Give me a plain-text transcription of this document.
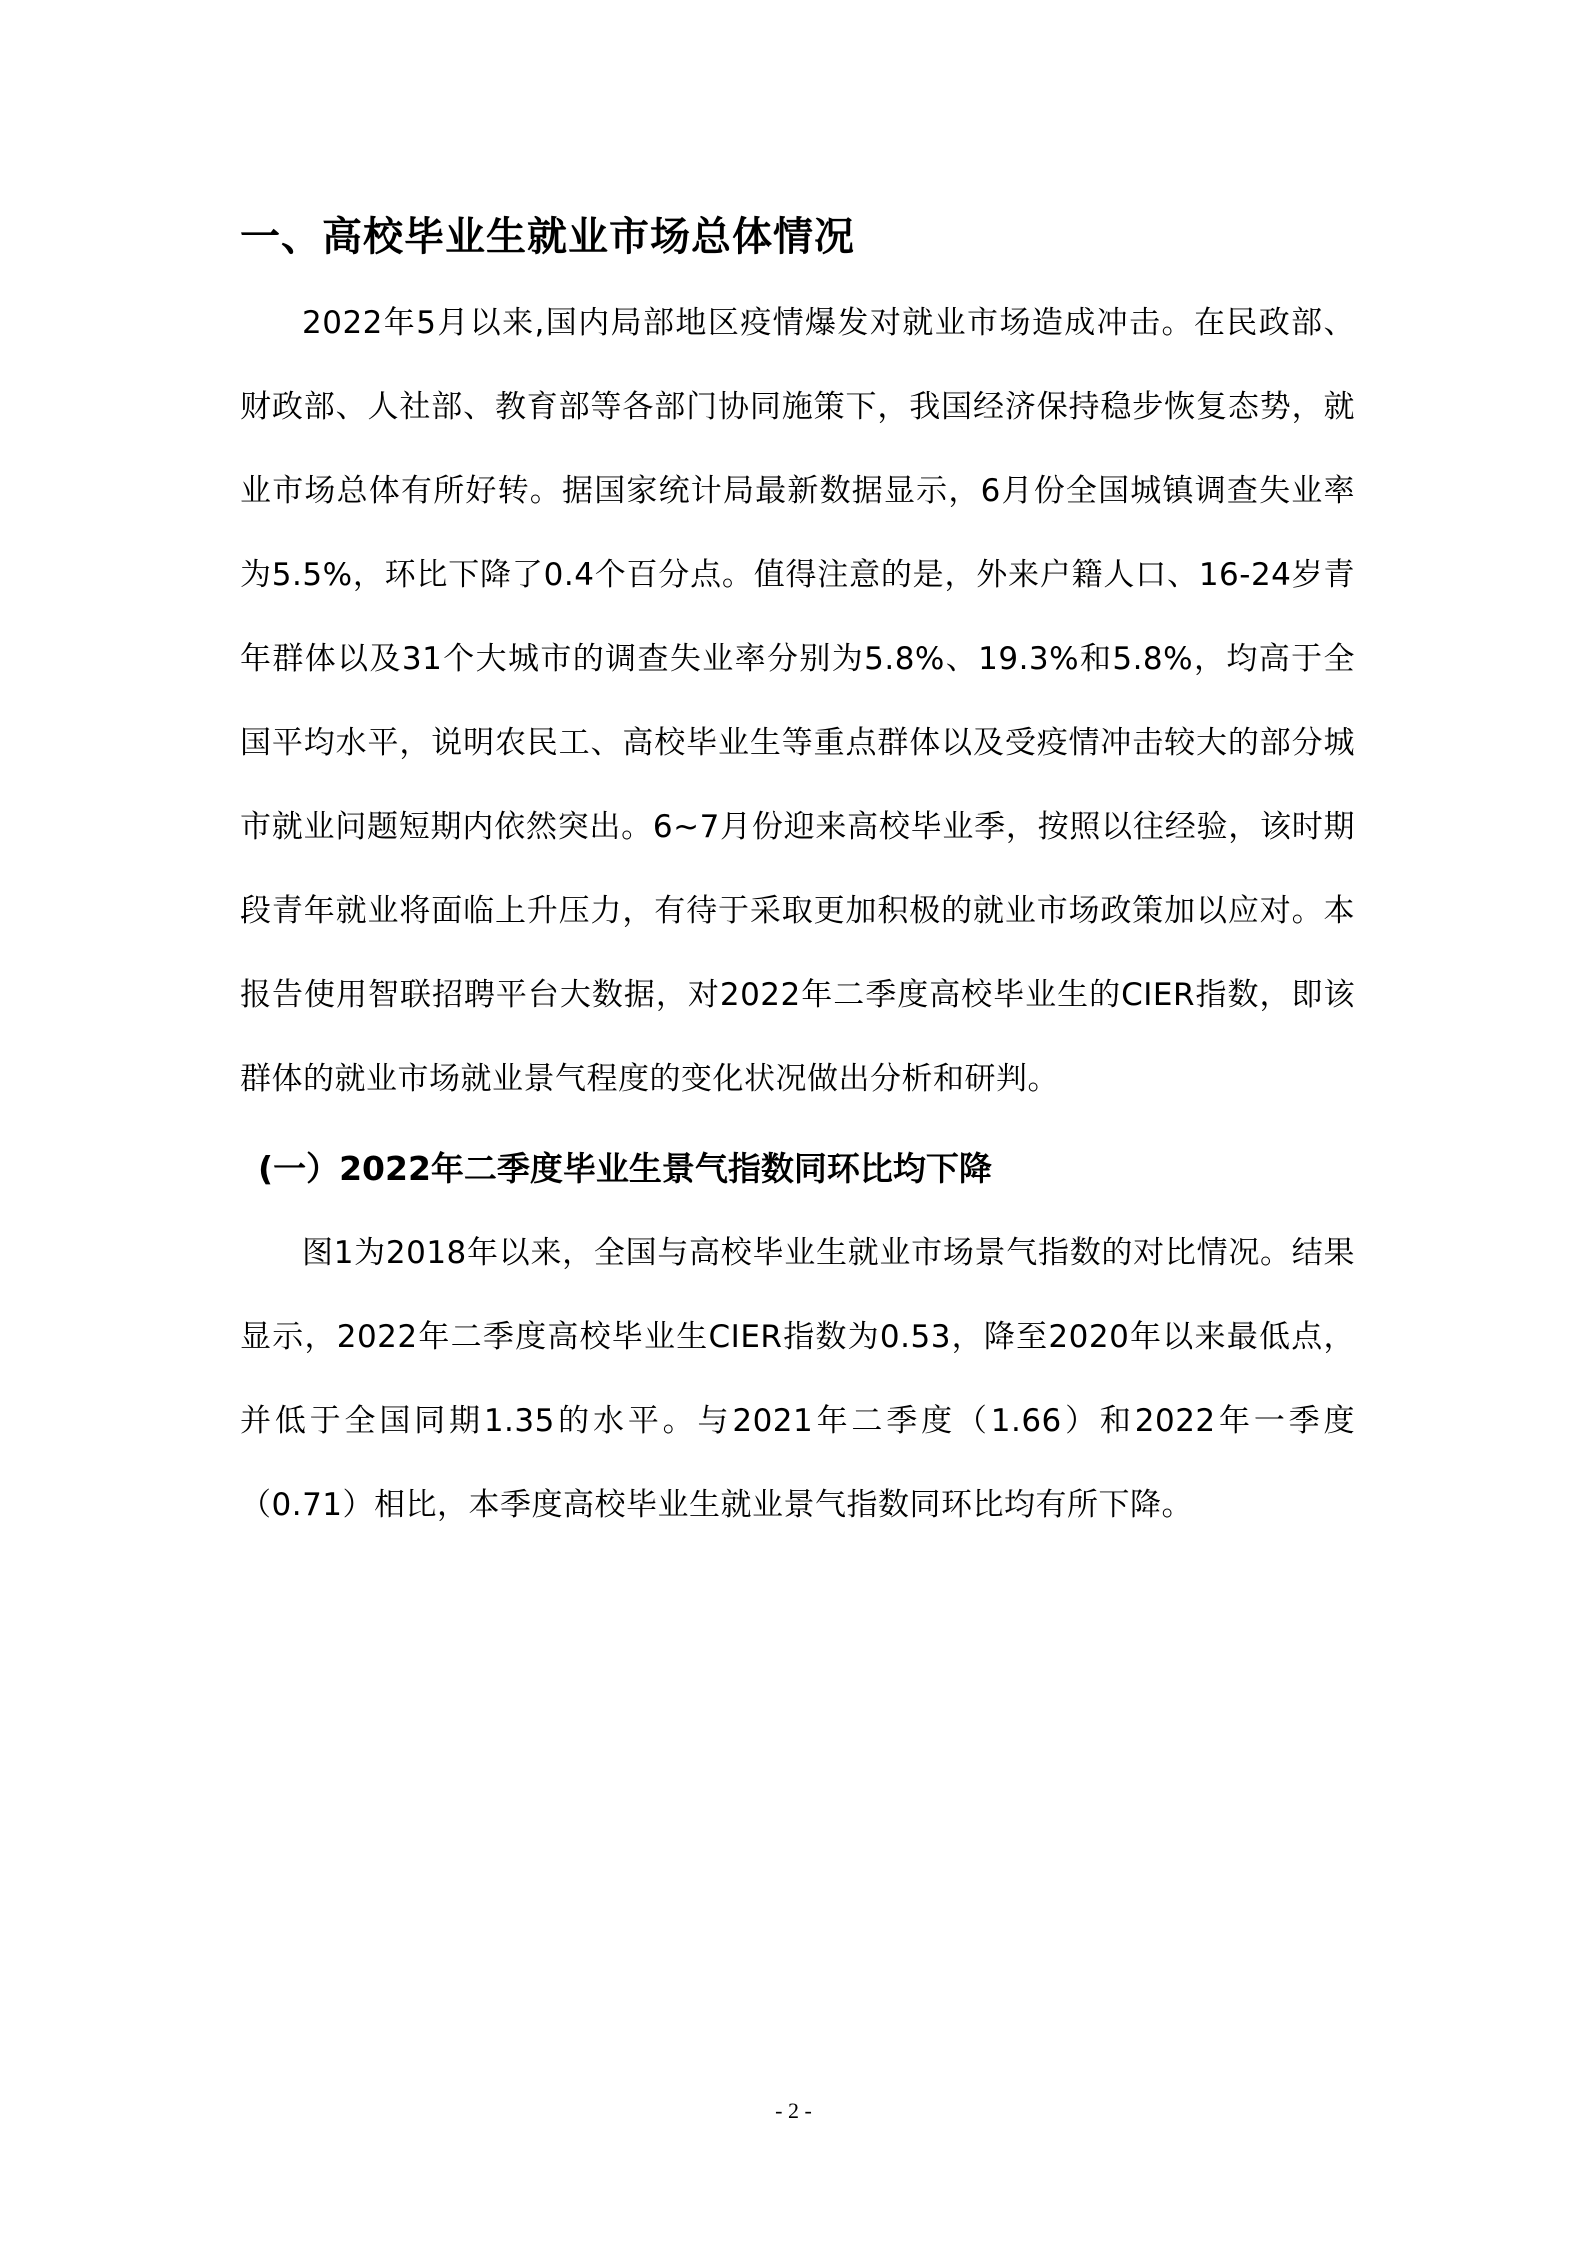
一、高校毕业生就业市场总体情况

2022年5月以来,国内局部地区疫情爆发对就业市场造成冲击。在民政部、财政部、人社部、教育部等各部门协同施策下，我国经济保持稳步恢复态势，就业市场总体有所好转。据国家统计局最新数据显示，6月份全国城镇调查失业率为5.5%，环比下降了0.4个百分点。值得注意的是，外来户籍人口、16-24岁青年群体以及31个大城市的调查失业率分别为5.8%、19.3%和5.8%，均高于全国平均水平，说明农民工、高校毕业生等重点群体以及受疫情冲击较大的部分城市就业问题短期内依然突出。6~7月份迎来高校毕业季，按照以往经验，该时期段青年就业将面临上升压力，有待于采取更加积极的就业市场政策加以应对。本报告使用智联招聘平台大数据，对2022年二季度高校毕业生的CIER指数，即该群体的就业市场就业景气程度的变化状况做出分析和研判。

(一）2022年二季度毕业生景气指数同环比均下降

图1为2018年以来，全国与高校毕业生就业市场景气指数的对比情况。结果显示，2022年二季度高校毕业生CIER指数为0.53，降至2020年以来最低点，并低于全国同期1.35的水平。与2021年二季度（1.66）和2022年一季度（0.71）相比，本季度高校毕业生就业景气指数同环比均有所下降。

- 2 -
